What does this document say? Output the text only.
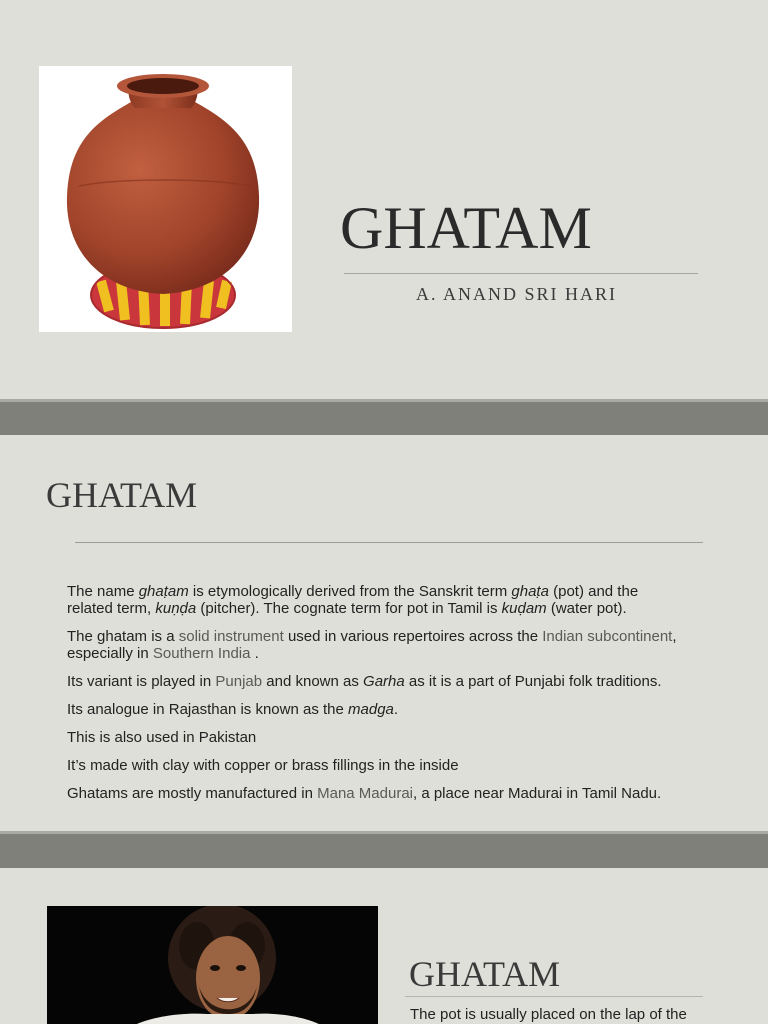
GHATAM
A. ANAND SRI HARI
GHATAM

The name ghaṭam is etymologically derived from the Sanskrit term ghaṭa (pot) and the related term, kuṇḍa (pitcher). The cognate term for pot in Tamil is kuḍam (water pot).

The ghatam is a solid instrument used in various repertoires across the Indian subcontinent, especially in Southern India .

Its variant is played in Punjab and known as Garha as it is a part of Punjabi folk traditions.

Its analogue in Rajasthan is known as the madga.

This is also used in Pakistan

It’s made with clay with copper or brass fillings in the inside

Ghatams are mostly manufactured in Mana Madurai, a place near Madurai in Tamil Nadu.

GHATAM
The pot is usually placed on the lap of the
